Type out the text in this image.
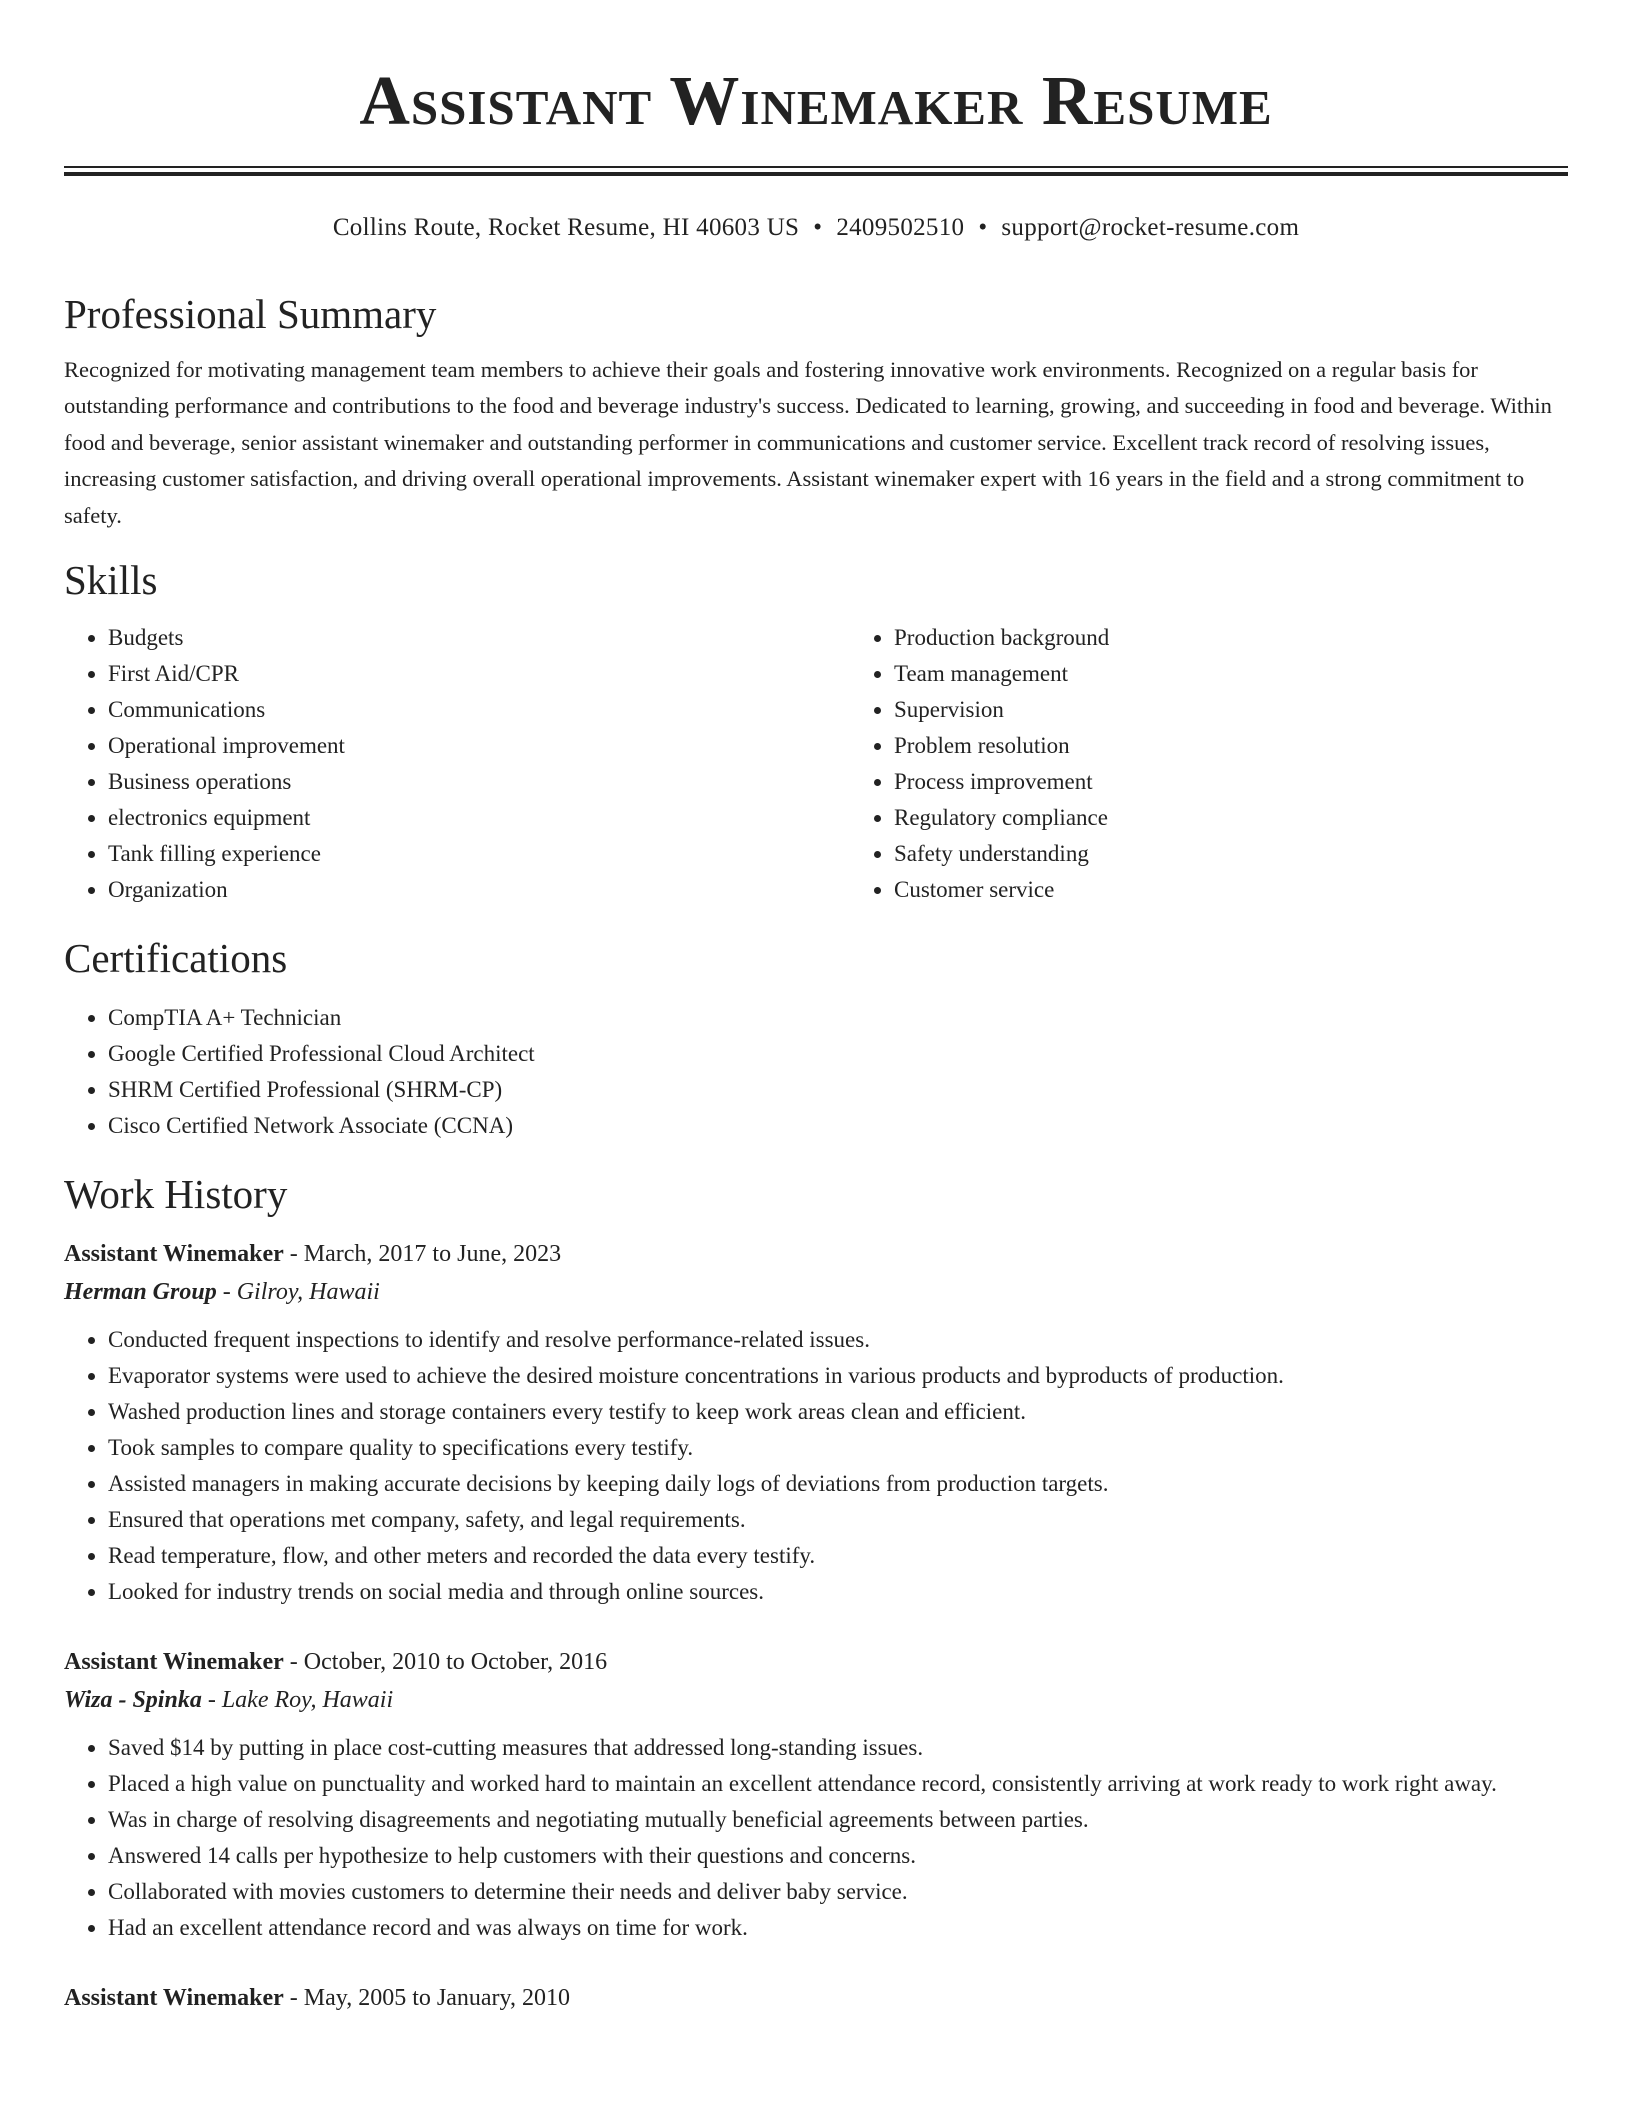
Assistant Winemaker Resume
Collins Route, Rocket Resume, HI 40603 US • 2409502510 • support@rocket-resume.com
Professional Summary

Recognized for motivating management team members to achieve their goals and fostering innovative work environments. Recognized on a regular basis for outstanding performance and contributions to the food and beverage industry's success. Dedicated to learning, growing, and succeeding in food and beverage. Within food and beverage, senior assistant winemaker and outstanding performer in communications and customer service. Excellent track record of resolving issues, increasing customer satisfaction, and driving overall operational improvements. Assistant winemaker expert with 16 years in the field and a strong commitment to safety.

Skills
• Budgets
• First Aid/CPR
• Communications
• Operational improvement
• Business operations
• electronics equipment
• Tank filling experience
• Organization
• Production background
• Team management
• Supervision
• Problem resolution
• Process improvement
• Regulatory compliance
• Safety understanding
• Customer service
Certifications
• CompTIA A+ Technician
• Google Certified Professional Cloud Architect
• SHRM Certified Professional (SHRM-CP)
• Cisco Certified Network Associate (CCNA)
Work History
Assistant Winemaker - March, 2017 to June, 2023
Herman Group - Gilroy, Hawaii
• Conducted frequent inspections to identify and resolve performance-related issues.
• Evaporator systems were used to achieve the desired moisture concentrations in various products and byproducts of production.
• Washed production lines and storage containers every testify to keep work areas clean and efficient.
• Took samples to compare quality to specifications every testify.
• Assisted managers in making accurate decisions by keeping daily logs of deviations from production targets.
• Ensured that operations met company, safety, and legal requirements.
• Read temperature, flow, and other meters and recorded the data every testify.
• Looked for industry trends on social media and through online sources.
Assistant Winemaker - October, 2010 to October, 2016
Wiza - Spinka - Lake Roy, Hawaii
• Saved $14 by putting in place cost-cutting measures that addressed long-standing issues.
• Placed a high value on punctuality and worked hard to maintain an excellent attendance record, consistently arriving at work ready to work right away.
• Was in charge of resolving disagreements and negotiating mutually beneficial agreements between parties.
• Answered 14 calls per hypothesize to help customers with their questions and concerns.
• Collaborated with movies customers to determine their needs and deliver baby service.
• Had an excellent attendance record and was always on time for work.
Assistant Winemaker - May, 2005 to January, 2010
